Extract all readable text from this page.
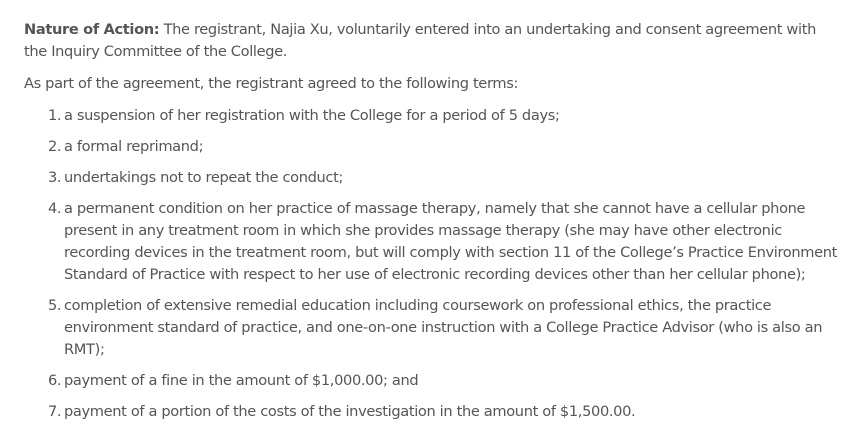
Nature of Action: The registrant, Najia Xu, voluntarily entered into an undertaking and consent agreement with the Inquiry Committee of the College.

As part of the agreement, the registrant agreed to the following terms:

1. a suspension of her registration with the College for a period of 5 days;
2. a formal reprimand;
3. undertakings not to repeat the conduct;
4. a permanent condition on her practice of massage therapy, namely that she cannot have a cellular phone present in any treatment room in which she provides massage therapy (she may have other electronic recording devices in the treatment room, but will comply with section 11 of the College’s Practice Environment Standard of Practice with respect to her use of electronic recording devices other than her cellular phone);
5. completion of extensive remedial education including coursework on professional ethics, the practice environment standard of practice, and one-on-one instruction with a College Practice Advisor (who is also an RMT);
6. payment of a fine in the amount of $1,000.00; and
7. payment of a portion of the costs of the investigation in the amount of $1,500.00.
